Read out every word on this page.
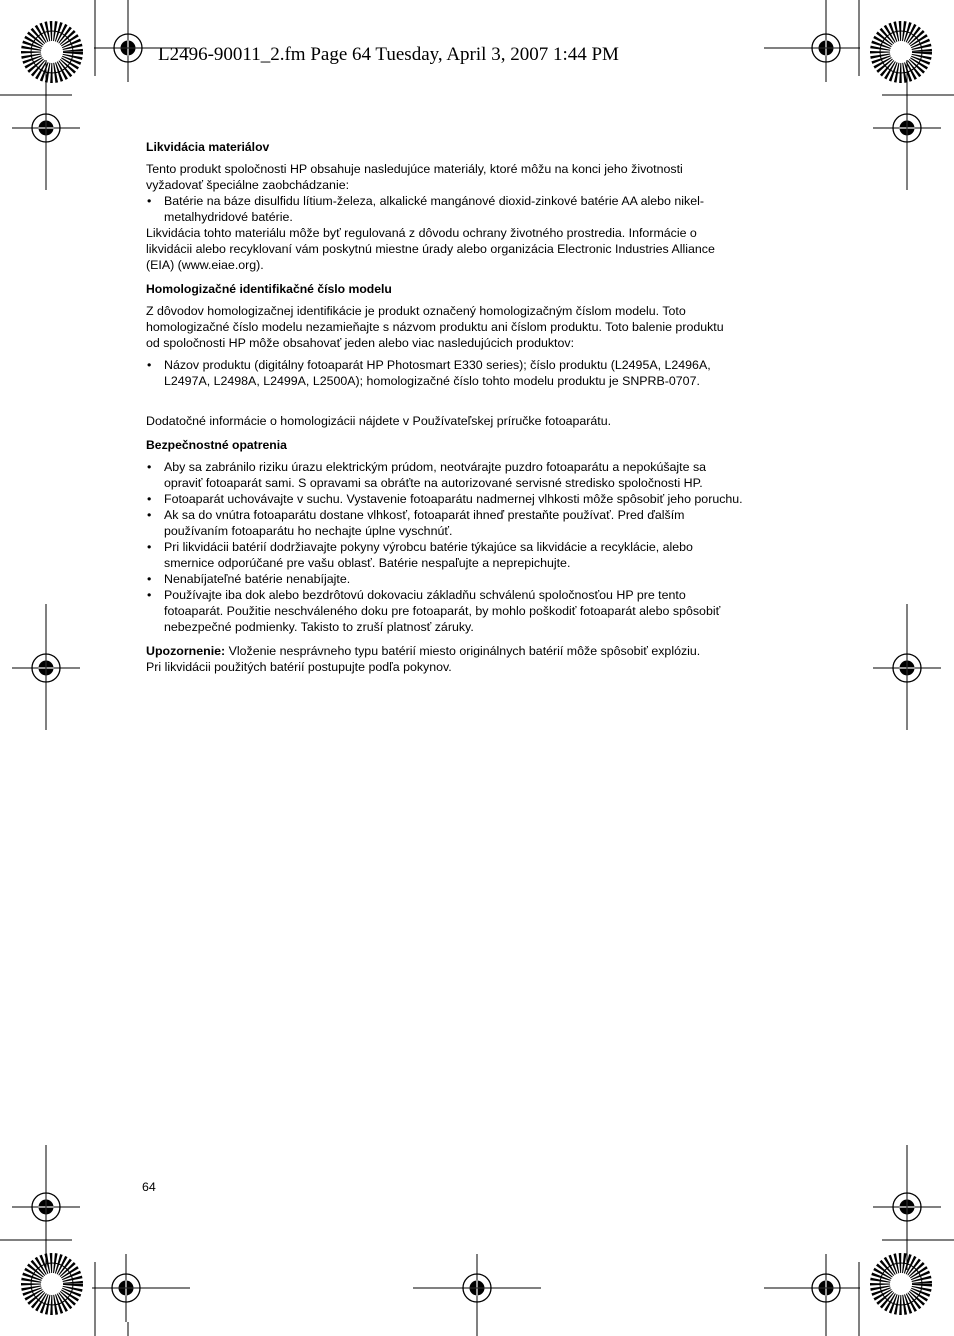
L2496-90011_2.fm Page 64 Tuesday, April 3, 2007 1:44 PM
Likvidácia materiálov

Tento produkt spoločnosti HP obsahuje nasledujúce materiály, ktoré môžu na konci jeho životnosti

vyžadovať špeciálne zaobchádzanie:

• Batérie na báze disulfidu lítium-železa, alkalické mangánové dioxid-zinkové batérie AA alebo nikel-
metalhydridové batérie.

Likvidácia tohto materiálu môže byť regulovaná z dôvodu ochrany životného prostredia. Informácie o

likvidácii alebo recyklovaní vám poskytnú miestne úrady alebo organizácia Electronic Industries Alliance

(EIA) (www.eiae.org).

Homologizačné identifikačné číslo modelu

Z dôvodov homologizačnej identifikácie je produkt označený homologizačným číslom modelu. Toto

homologizačné číslo modelu nezamieňajte s názvom produktu ani číslom produktu. Toto balenie produktu

od spoločnosti HP môže obsahovať jeden alebo viac nasledujúcich produktov:

• Názov produktu (digitálny fotoaparát HP Photosmart E330 series); číslo produktu (L2495A, L2496A,
L2497A, L2498A, L2499A, L2500A); homologizačné číslo tohto modelu produktu je SNPRB-0707.

Dodatočné informácie o homologizácii nájdete v Používateľskej príručke fotoaparátu.

Bezpečnostné opatrenia
• Aby sa zabránilo riziku úrazu elektrickým prúdom, neotvárajte puzdro fotoaparátu a nepokúšajte sa
opraviť fotoaparát sami. S opravami sa obráťte na autorizované servisné stredisko spoločnosti HP.
• Fotoaparát uchovávajte v suchu. Vystavenie fotoaparátu nadmernej vlhkosti môže spôsobiť jeho poruchu.
• Ak sa do vnútra fotoaparátu dostane vlhkosť, fotoaparát ihneď prestaňte používať. Pred ďalším
používaním fotoaparátu ho nechajte úplne vyschnúť.
• Pri likvidácii batérií dodržiavajte pokyny výrobcu batérie týkajúce sa likvidácie a recyklácie, alebo
smernice odporúčané pre vašu oblasť. Batérie nespaľujte a neprepichujte.
• Nenabíjateľné batérie nenabíjajte.
• Používajte iba dok alebo bezdrôtovú dokovaciu základňu schválenú spoločnosťou HP pre tento
fotoaparát. Použitie neschváleného doku pre fotoaparát, by mohlo poškodiť fotoaparát alebo spôsobiť
nebezpečné podmienky. Takisto to zruší platnosť záruky.

Upozornenie: Vloženie nesprávneho typu batérií miesto originálnych batérií môže spôsobiť explóziu.

Pri likvidácii použitých batérií postupujte podľa pokynov.

64
